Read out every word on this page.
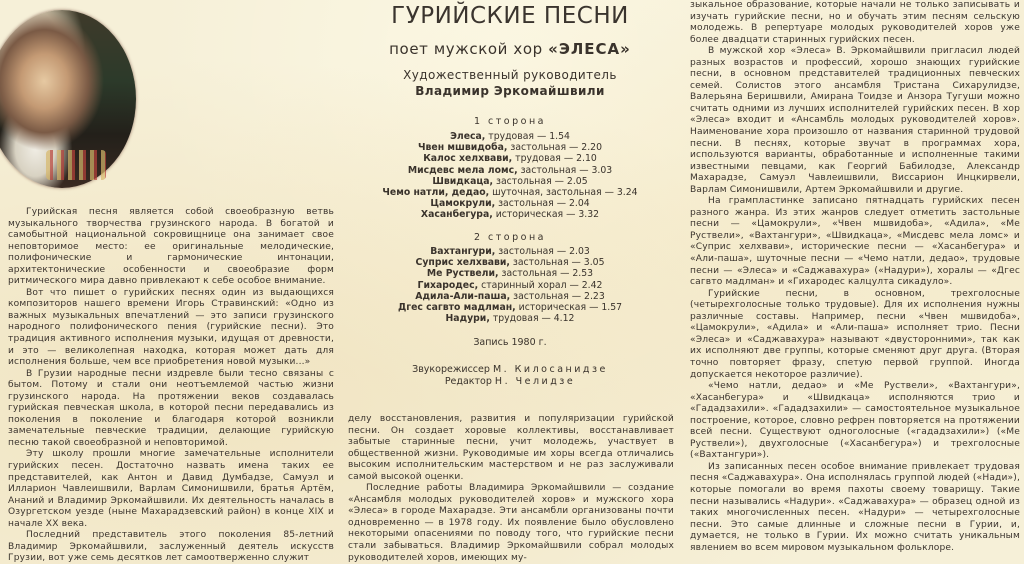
Гурийская песня является собой своеобразную ветвь музыкального творчества грузинского народа. В богатой и самобытной национальной сокровищнице она занимает свое неповторимое место: ее оригинальные мелодические, полифонические и гармонические интонации, архитектонические особенности и своеобразие форм ритмического мира давно привлекают к себе особое внимание.

Вот что пишет о гурийских песнях один из выдающихся композиторов нашего времени Игорь Стравинский: «Одно из важных музыкальных впечатлений — это записи грузинского народного полифонического пения (гурийские песни). Это традиция активного исполнения музыки, идущая от древности, и это — великолепная находка, которая может дать для исполнения больше, чем все приобретения новой музыки...»

В Грузии народные песни издревле были тесно связаны с бытом. Потому и стали они неотъемлемой частью жизни грузинского народа. На протяжении веков создавалась гурийская певческая школа, в которой песни передавались из поколения в поколение и благодаря которой возникли замечательные певческие традиции, делающие гурийскую песню такой своеобразной и неповторимой.

Эту школу прошли многие замечательные исполнители гурийских песен. Достаточно назвать имена таких ее представителей, как Антон и Давид Думбадзе, Самуэл и Илларион Чавлеишвили, Варлам Симонишвили, братья Артём, Ананий и Владимир Эркомайшвили. Их деятельность началась в Озургетском уезде (ныне Махарадзевский район) в конце XIX и начале XX века.

Последний представитель этого поколения 85-летний Владимир Эркомайшвили, заслуженный деятель искусств Грузии, вот уже семь десятков лет самоотверженно служит

ГУРИЙСКИЕ ПЕСНИ
поет мужской хор «ЭЛЕСА»
Художественный руководитель
Владимир Эркомайшвили
1 сторона
Элеса, трудовая — 1.54
Чвен мшвидоба, застольная — 2.20
Калос хелхвави, трудовая — 2.10
Мисдевс мела ломс, застольная — 3.03
Швидкаца, застольная — 2.05
Чемо натли, дедао, шуточная, застольная — 3.24
Цамокрули, застольная — 2.04
Хасанбегура, историческая — 3.32
2 сторона
Вахтангури, застольная — 2.03
Суприс хелхвави, застольная — 3.05
Ме Руствели, застольная — 2.53
Гихародес, старинный хорал — 2.42
Адила-Али-паша, застольная — 2.23
Дгес сагвто мадлман, историческая — 1.57
Надури, трудовая — 4.12
Запись 1980 г.
Звукорежиссер М. Килосанидзе
Редактор Н. Челидзе

делу восстановления, развития и популяризации гурийской песни. Он создает хоровые коллективы, восстанавливает забытые старинные песни, учит молодежь, участвует в общественной жизни. Руководимые им хоры всегда отличались высоким исполнительским мастерством и не раз заслуживали самой высокой оценки.

Последние работы Владимира Эркомайшвили — создание «Ансамбля молодых руководителей хоров» и мужского хора «Элеса» в городе Махарадзе. Эти ансамбли организованы почти одновременно — в 1978 году. Их появление было обусловлено некоторыми опасениями по поводу того, что гурийские песни стали забываться. Владимир Эркомайшвили собрал молодых руководителей хоров, имеющих му-

зыкальное образование, которые начали не только записывать и изучать гурийские песни, но и обучать этим песням сельскую молодежь. В репертуаре молодых руководителей хоров уже более двадцати старинных гурийских песен.

В мужской хор «Элеса» В. Эркомайшвили пригласил людей разных возрастов и профессий, хорошо знающих гурийские песни, в основном представителей традиционных певческих семей. Солистов этого ансамбля Тристана Сихарулидзе, Валерьяна Беришвили, Амирана Тоидзе и Анзора Тугуши можно считать одними из лучших исполнителей гурийских песен. В хор «Элеса» входит и «Ансамбль молодых руководителей хоров». Наименование хора произошло от названия старинной трудовой песни. В песнях, которые звучат в программах хора, используются варианты, обработанные и исполненные такими известными певцами, как Георгий Бабилодзе, Александр Махарадзе, Самуэл Чавлеишвили, Виссарион Инцкирвели, Варлам Симонишвили, Артем Эркомайшвили и другие.

На грампластинке записано пятнадцать гурийских песен разного жанра. Из этих жанров следует отметить застольные песни — «Цамокрули», «Чвен мшвидоба», «Адила», «Ме Руствели», «Вахтангури», «Швидкаца», «Мисдевс мела ломс» и «Суприс хелхвави», исторические песни — «Хасанбегура» и «Али-паша», шуточные песни — «Чемо натли, дедао», трудовые песни — «Элеса» и «Саджавахура» («Надури»), хоралы — «Дгес сагвто мадлман» и «Гихародес калцулта сикадуло».

Гурийские песни, в основном, трехголосные (четырехголосные только трудовые). Для их исполнения нужны различные составы. Например, песни «Чвен мшвидоба», «Цамокрули», «Адила» и «Али-паша» исполняет трио. Песни «Элеса» и «Саджавахура» называют «двусторонними», так как их исполняют две группы, которые сменяют друг друга. (Вторая точно повторяет фразу, спетую первой группой. Иногда допускается некоторое различие).

«Чемо натли, дедао» и «Ме Руствели», «Вахтангури», «Хасанбегура» и «Швидкаца» исполняются трио и «Гададзахили». «Гададзахили» — самостоятельное музыкальное построение, которое, словно рефрен повторяется на протяжении всей песни. Существуют одноголосные («гададзахили») («Ме Руствели»), двухголосные («Хасанбегура») и трехголосные («Вахтангури»).

Из записанных песен особое внимание привлекает трудовая песня «Саджавахура». Она исполнялась группой людей («Нади»), которые помогали во время пахоты своему товарищу. Такие песни назывались «Надури». «Саджавахура» — образец одной из таких многочисленных песен. «Надури» — четырехголосные песни. Это самые длинные и сложные песни в Гурии, и, думается, не только в Гурии. Их можно считать уникальным явлением во всем мировом музыкальном фольклоре.
